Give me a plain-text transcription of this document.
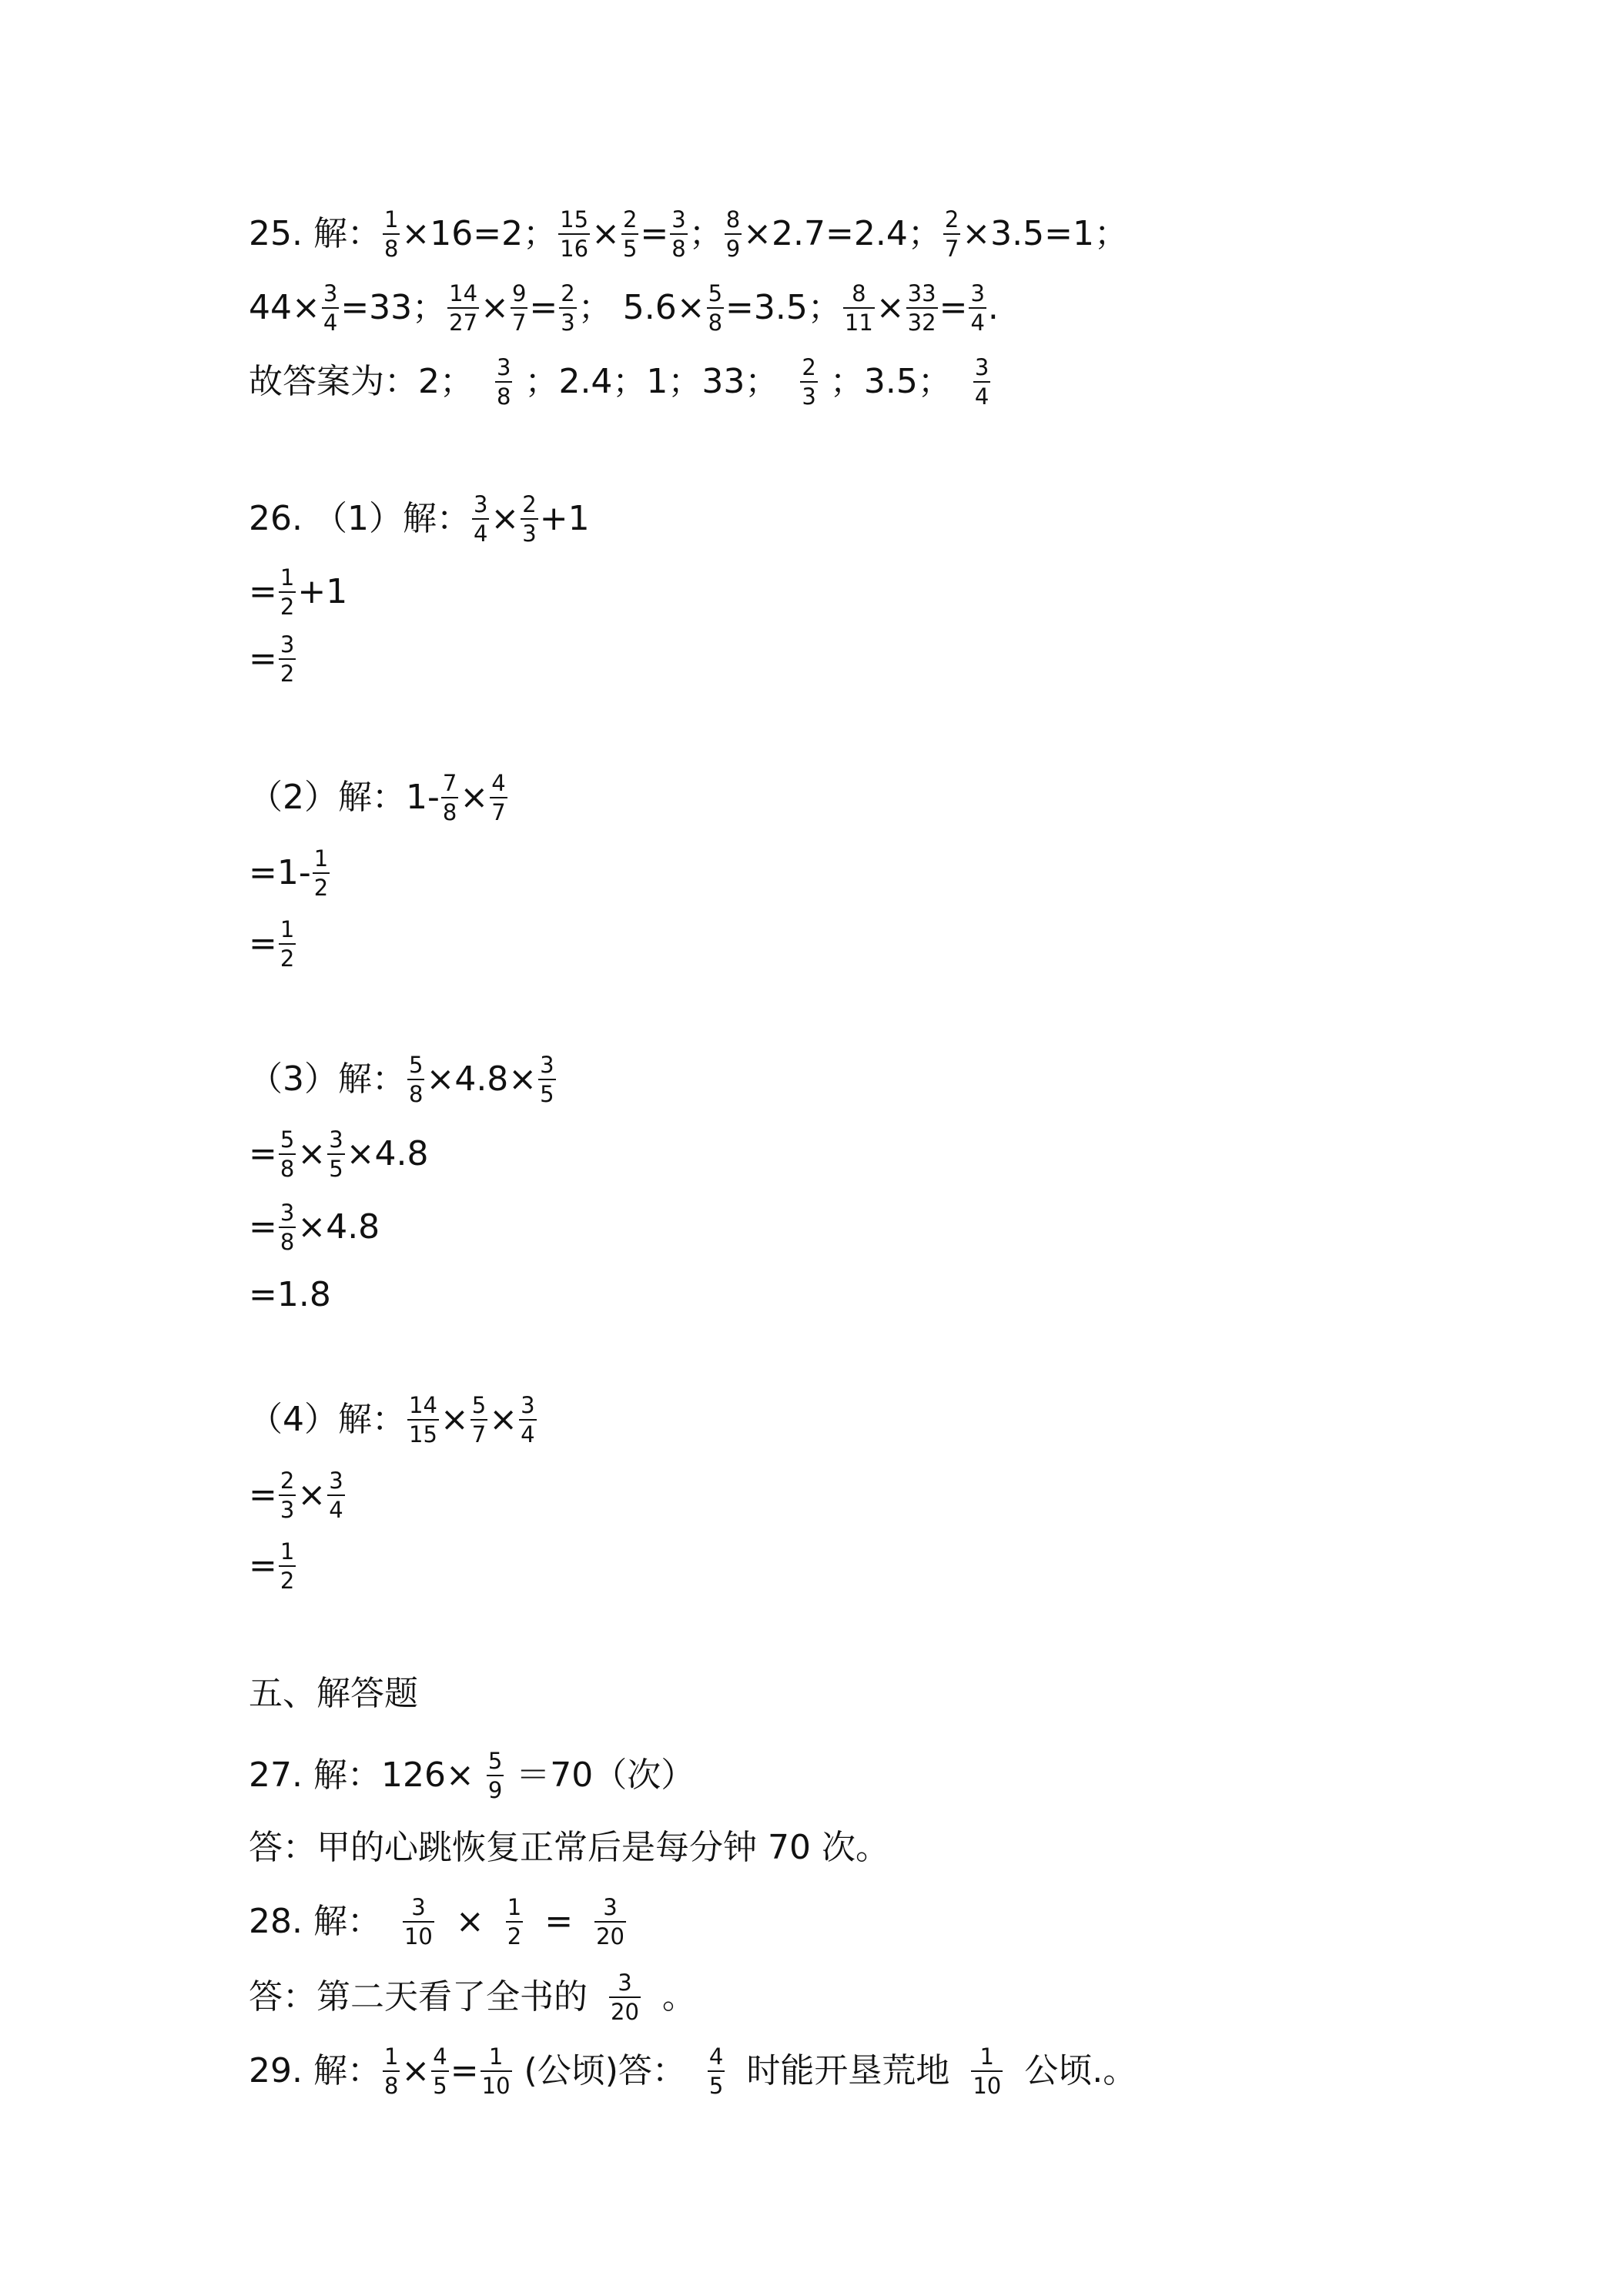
25. 解： $\frac{1}{8} \times 16=2$； $\frac{15}{16} \times \frac{2}{5} = \frac{3}{8}$ ； $\frac{8}{9} \times 2.7=2.4$； $\frac{2}{7} \times 3.5=1$；
$44\times \frac{3}{4} =33$； $\frac{14}{27} \times \frac{9}{7} = \frac{2}{3}$ ； $5.6\times \frac{5}{8} =3.5$； $\frac{8}{11} \times \frac{33}{32} = \frac{3}{4}$ .
故答案为：2； $\frac{3}{8}$ ；2.4；1；33； $\frac{2}{3}$ ；3.5； $\frac{3}{4}$
26. （1）解： $\frac{3}{4} \times \frac{2}{3} +1$
= $\frac{1}{2} +1$
= $\frac{3}{2}$
（2）解： $1- \frac{7}{8} \times \frac{4}{7}$
$=1- \frac{1}{2}$
= $\frac{1}{2}$
（3）解： $\frac{5}{8} \times 4.8\times \frac{3}{5}$
= $\frac{5}{8} \times \frac{3}{5} \times 4.8$
= $\frac{3}{8} \times 4.8$
=1.8
（4）解： $\frac{14}{15} \times \frac{5}{7} \times \frac{3}{4}$
= $\frac{2}{3} \times \frac{3}{4}$
= $\frac{1}{2}$
五、解答题
27. 解：$126\times \frac{5}{9} =70$（次）
答：甲的心跳恢复正常后是每分钟 70 次。
28. 解： $\frac{3}{10} \times \frac{1}{2} = \frac{3}{20}$
答：第二天看了全书的 $\frac{3}{20}$ 。
29. 解： $\frac{1}{8} \times \frac{4}{5} = \frac{1}{10}$ (公顷)答： $\frac{4}{5}$ 时能开垦荒地 $\frac{1}{10}$ 公顷.。
